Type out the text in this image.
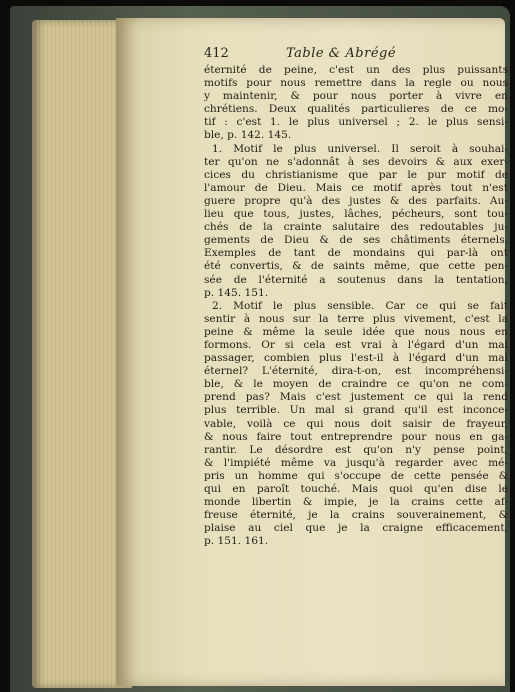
412	Table & Abrégé
éternité de peine, c'est un des plus puissants
motifs pour nous remettre dans la regle ou nous
y maintenir, & pour nous porter à vivre en
chrétiens. Deux qualités particulieres de ce mo-
tif : c'est 1. le plus universel ; 2. le plus sensi-
ble, p. 142. 145.
1. Motif le plus universel. Il seroit à souhai-
ter qu'on ne s'adonnât à ses devoirs & aux exer-
cices du christianisme que par le pur motif de
l'amour de Dieu. Mais ce motif après tout n'est
guere propre qu'à des justes & des parfaits. Au-
lieu que tous, justes, lâches, pécheurs, sont tou-
chés de la crainte salutaire des redoutables ju-
gements de Dieu & de ses châtiments éternels.
Exemples de tant de mondains qui par-là ont
été convertis, & de saints même, que cette pen-
sée de l'éternité a soutenus dans la tentation,
p. 145. 151.
2. Motif le plus sensible. Car ce qui se fait
sentir à nous sur la terre plus vivement, c'est la
peine & même la seule idée que nous nous en
formons. Or si cela est vrai à l'égard d'un mal
passager, combien plus l'est-il à l'égard d'un mal
éternel? L'éternité, dira-t-on, est incompréhensi-
ble, & le moyen de craindre ce qu'on ne com-
prend pas? Mais c'est justement ce qui la rend
plus terrible. Un mal si grand qu'il est inconce-
vable, voilà ce qui nous doit saisir de frayeur,
& nous faire tout entreprendre pour nous en ga-
rantir. Le désordre est qu'on n'y pense point,
& l'impiété même va jusqu'à regarder avec mé-
pris un homme qui s'occupe de cette pensée &
qui en paroît touché. Mais quoi qu'en dise le
monde libertin & impie, je la crains cette af-
freuse éternité, je la crains souverainement, &
plaise au ciel que je la craigne efficacement,
p. 151. 161.
